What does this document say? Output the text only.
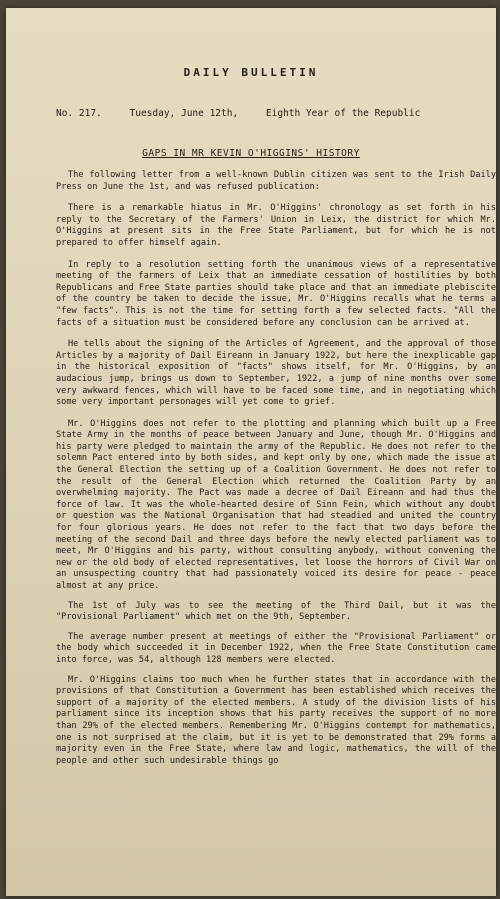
DAILY BULLETIN
No. 217.	Tuesday, June 12th,	Eighth Year of the Republic
GAPS IN MR KEVIN O'HIGGINS' HISTORY

The following letter from a well-known Dublin citizen was sent to the Irish Daily Press on June the 1st, and was refused publication:

There is a remarkable hiatus in Mr. O'Higgins' chronology as set forth in his reply to the Secretary of the Farmers' Union in Leix, the district for which Mr. O'Higgins at present sits in the Free State Parliament, but for which he is not prepared to offer himself again.

In reply to a resolution setting forth the unanimous views of a representative meeting of the farmers of Leix that an immediate cessation of hostilities by both Republicans and Free State parties should take place and that an immediate plebiscite of the country be taken to decide the issue, Mr. O'Higgins recalls what he terms a "few facts". This is not the time for setting forth a few selected facts. "All the facts of a situation must be considered before any conclusion can be arrived at.

He tells about the signing of the Articles of Agreement, and the approval of those Articles by a majority of Dail Eireann in January 1922, but here the inexplicable gap in the historical exposition of "facts" shows itself, for Mr. O'Higgins, by an audacious jump, brings us down to September, 1922, a jump of nine months over some very awkward fences, which will have to be faced some time, and in negotiating which some very important personages will yet come to grief.

Mr. O'Higgins does not refer to the plotting and planning which built up a Free State Army in the months of peace between January and June, though Mr. O'Higgins and his party were pledged to maintain the army of the Republic. He does not refer to the solemn Pact entered into by both sides, and kept only by one, which made the issue at the General Election the setting up of a Coalition Government. He does not refer to the result of the General Election which returned the Coalition Party by an overwhelming majority. The Pact was made a decree of Dail Eireann and had thus the force of law. It was the whole-hearted desire of Sinn Fein, which without any doubt or question was the National Organisation that had steadied and united the country for four glorious years. He does not refer to the fact that two days before the meeting of the second Dail and three days before the newly elected parliament was to meet, Mr O'Higgins and his party, without consulting anybody, without convening the new or the old body of elected representatives, let loose the horrors of Civil War on an unsuspecting country that had passionately voiced its desire for peace - peace almost at any price.

The 1st of July was to see the meeting of the Third Dail, but it was the "Provisional Parliament" which met on the 9th, September.

The average number present at meetings of either the "Provisional Parliament" or the body which succeeded it in December 1922, when the Free State Constitution came into force, was 54, although 128 members were elected.

Mr. O'Higgins claims too much when he further states that in accordance with the provisions of that Constitution a Government has been established which receives the support of a majority of the elected members. A study of the division lists of his parliament since its inception shows that his party receives the support of no more than 29% of the elected members. Remembering Mr. O'Higgins contempt for mathematics, one is not surprised at the claim, but it is yet to be demonstrated that 29% forms a majority even in the Free State, where law and logic, mathematics, the will of the people and other such undesirable things go
